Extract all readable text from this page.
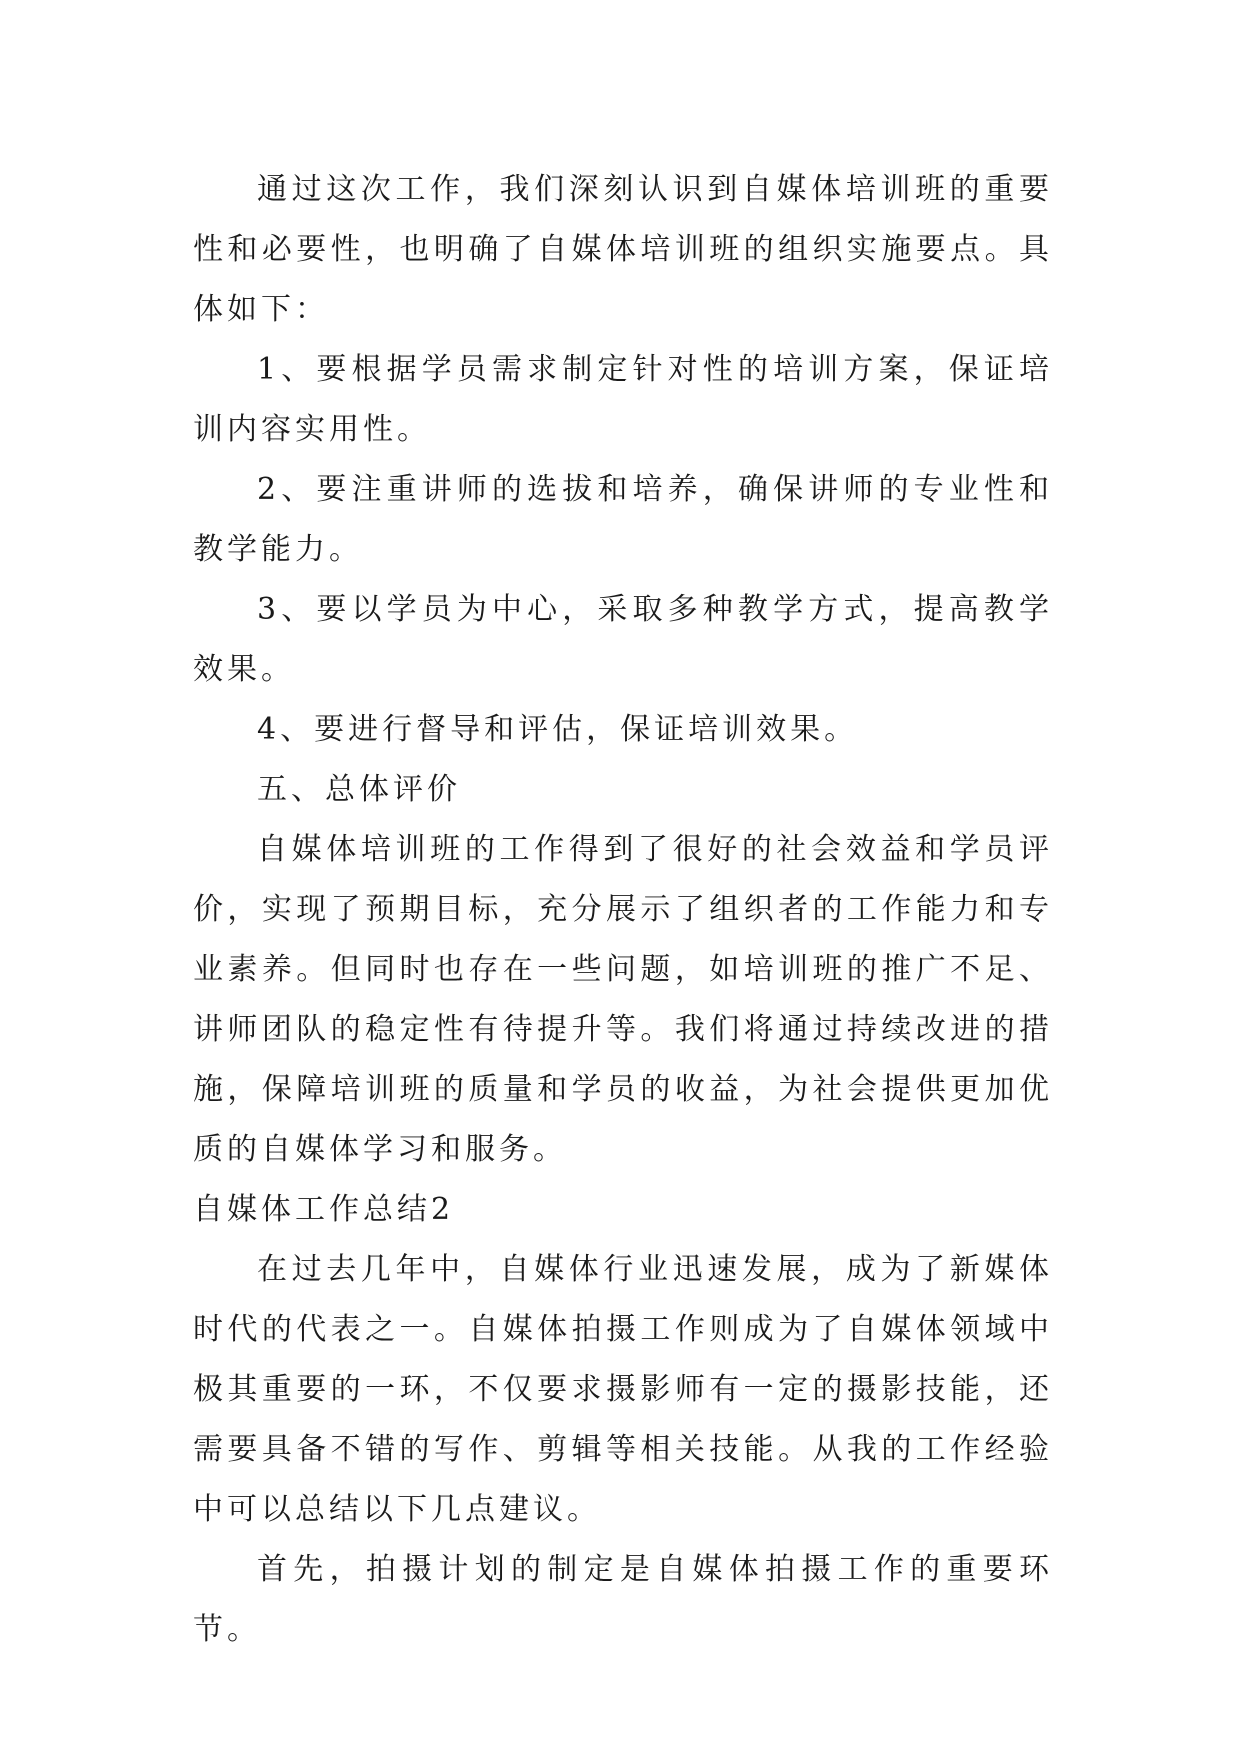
通过这次工作，我们深刻认识到自媒体培训班的重要性和必要性，也明确了自媒体培训班的组织实施要点。具体如下：

1、要根据学员需求制定针对性的培训方案，保证培训内容实用性。

2、要注重讲师的选拔和培养，确保讲师的专业性和教学能力。

3、要以学员为中心，采取多种教学方式，提高教学效果。

4、要进行督导和评估，保证培训效果。

五、总体评价

自媒体培训班的工作得到了很好的社会效益和学员评价，实现了预期目标，充分展示了组织者的工作能力和专业素养。但同时也存在一些问题，如培训班的推广不足、讲师团队的稳定性有待提升等。我们将通过持续改进的措施，保障培训班的质量和学员的收益，为社会提供更加优质的自媒体学习和服务。

自媒体工作总结2

在过去几年中，自媒体行业迅速发展，成为了新媒体时代的代表之一。自媒体拍摄工作则成为了自媒体领域中极其重要的一环，不仅要求摄影师有一定的摄影技能，还需要具备不错的写作、剪辑等相关技能。从我的工作经验中可以总结以下几点建议。

首先，拍摄计划的制定是自媒体拍摄工作的重要环节。
